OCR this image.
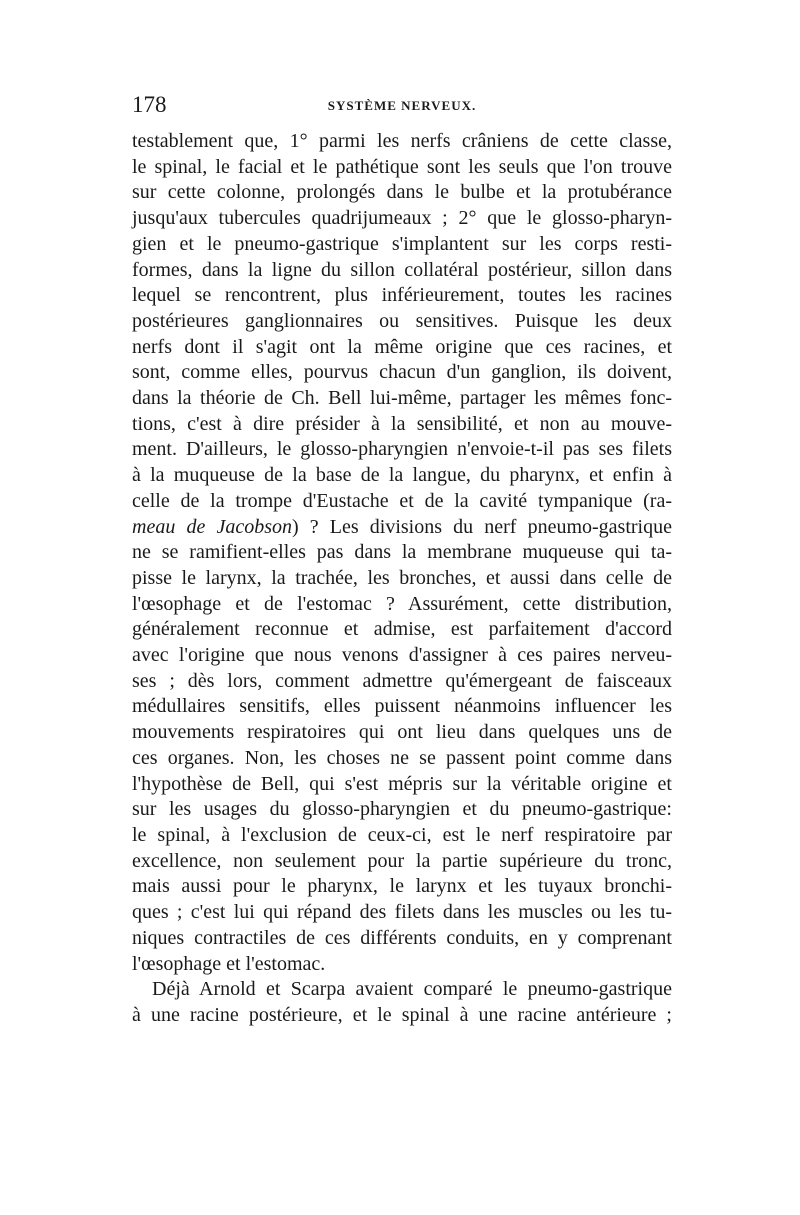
178	SYSTÈME NERVEUX.
testablement que, 1° parmi les nerfs crâniens de cette classe,
le spinal, le facial et le pathétique sont les seuls que l'on trouve
sur cette colonne, prolongés dans le bulbe et la protubérance
jusqu'aux tubercules quadrijumeaux ; 2° que le glosso-pharyn-
gien et le pneumo-gastrique s'implantent sur les corps resti-
formes, dans la ligne du sillon collatéral postérieur, sillon dans
lequel se rencontrent, plus inférieurement, toutes les racines
postérieures ganglionnaires ou sensitives. Puisque les deux
nerfs dont il s'agit ont la même origine que ces racines, et
sont, comme elles, pourvus chacun d'un ganglion, ils doivent,
dans la théorie de Ch. Bell lui-même, partager les mêmes fonc-
tions, c'est à dire présider à la sensibilité, et non au mouve-
ment. D'ailleurs, le glosso-pharyngien n'envoie-t-il pas ses filets
à la muqueuse de la base de la langue, du pharynx, et enfin à
celle de la trompe d'Eustache et de la cavité tympanique (ra-
meau de Jacobson) ? Les divisions du nerf pneumo-gastrique
ne se ramifient-elles pas dans la membrane muqueuse qui ta-
pisse le larynx, la trachée, les bronches, et aussi dans celle de
l'œsophage et de l'estomac ? Assurément, cette distribution,
généralement reconnue et admise, est parfaitement d'accord
avec l'origine que nous venons d'assigner à ces paires nerveu-
ses ; dès lors, comment admettre qu'émergeant de faisceaux
médullaires sensitifs, elles puissent néanmoins influencer les
mouvements respiratoires qui ont lieu dans quelques uns de
ces organes. Non, les choses ne se passent point comme dans
l'hypothèse de Bell, qui s'est mépris sur la véritable origine et
sur les usages du glosso-pharyngien et du pneumo-gastrique:
le spinal, à l'exclusion de ceux-ci, est le nerf respiratoire par
excellence, non seulement pour la partie supérieure du tronc,
mais aussi pour le pharynx, le larynx et les tuyaux bronchi-
ques ; c'est lui qui répand des filets dans les muscles ou les tu-
niques contractiles de ces différents conduits, en y comprenant
l'œsophage et l'estomac.
Déjà Arnold et Scarpa avaient comparé le pneumo-gastrique
à une racine postérieure, et le spinal à une racine antérieure ;
